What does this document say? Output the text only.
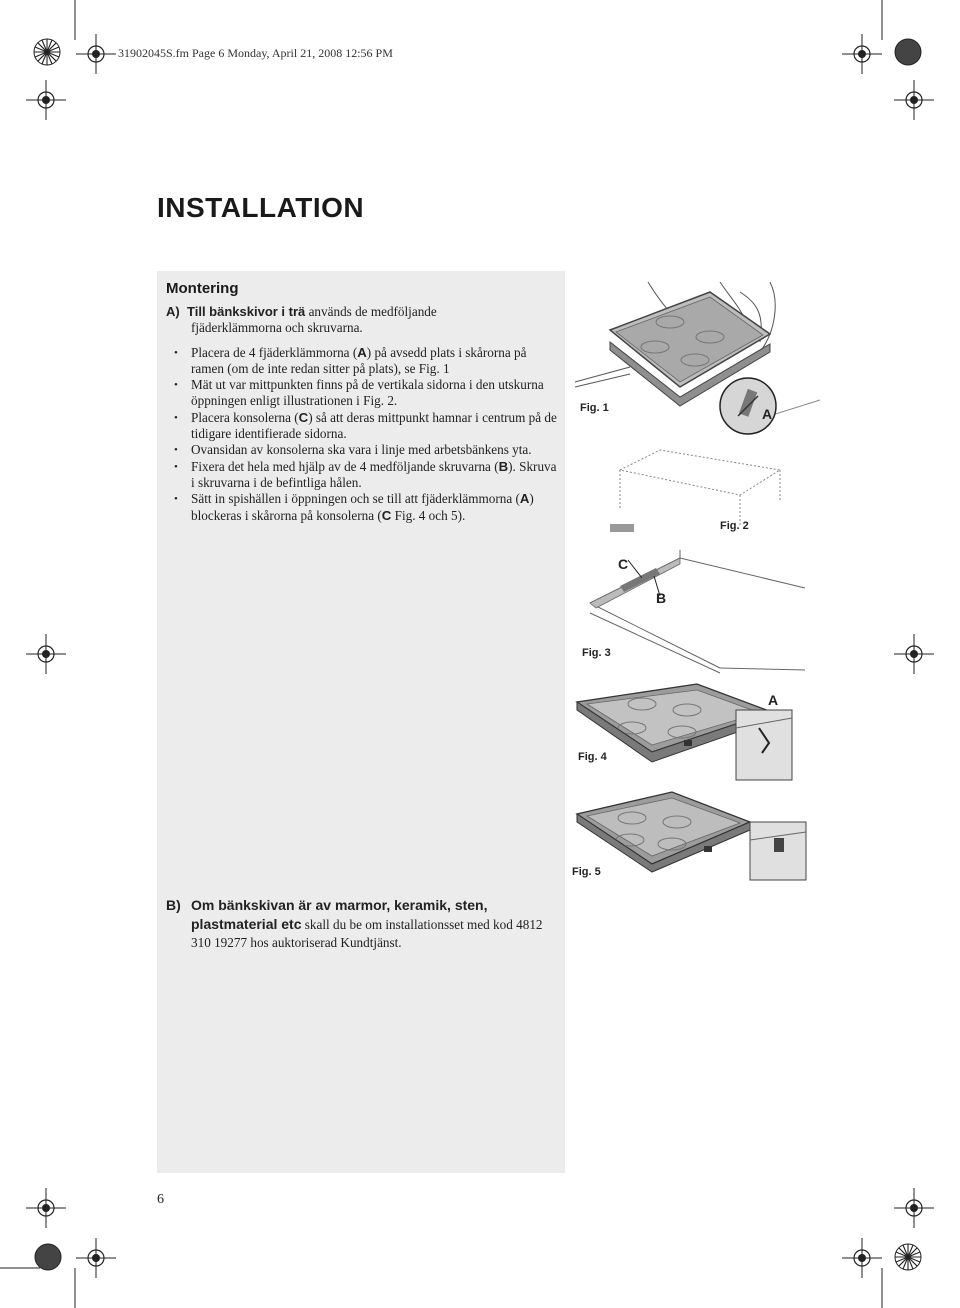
31902045S.fm Page 6 Monday, April 21, 2008 12:56 PM
INSTALLATION
Montering
A) Till bänkskivor i trä används de medföljande
fjäderklämmorna och skruvarna.
• Placera de 4 fjäderklämmorna (A) på avsedd plats i skårorna på ramen (om de inte redan sitter på plats), se Fig. 1
• Mät ut var mittpunkten finns på de vertikala sidorna i den utskurna öppningen enligt illustrationen i Fig. 2.
• Placera konsolerna (C) så att deras mittpunkt hamnar i centrum på de tidigare identifierade sidorna.
• Ovansidan av konsolerna ska vara i linje med arbetsbänkens yta.
• Fixera det hela med hjälp av de 4 medföljande skruvarna (B). Skruva i skruvarna i de befintliga hålen.
• Sätt in spishällen i öppningen och se till att fjäderklämmorna (A) blockeras i skårorna på konsolerna (C Fig. 4 och 5).
B) Om bänkskivan är av marmor, keramik, sten, plastmaterial etc skall du be om installationsset med kod 4812 310 19277 hos auktoriserad Kundtjänst.
Fig. 1	A
Fig. 2
C
B
Fig. 3
A
Fig. 4
Fig. 5
6
